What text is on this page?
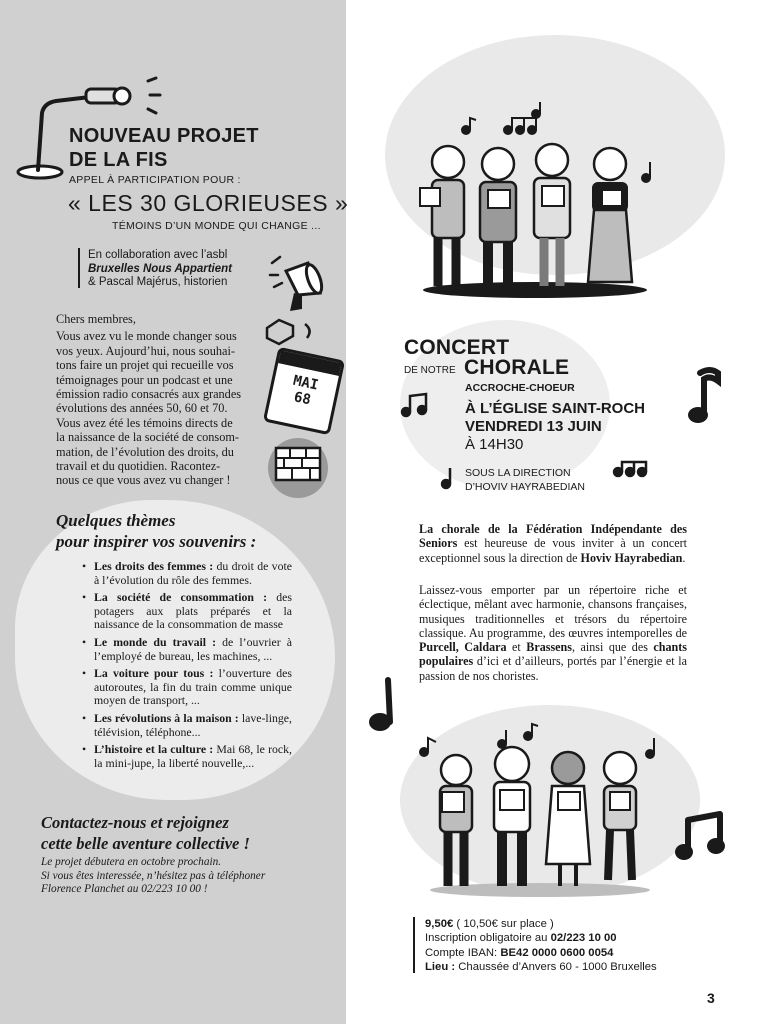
NOUVEAU PROJET
DE LA FIS
APPEL À PARTICIPATION POUR :
« LES 30 GLORIEUSES »
TÉMOINS D’UN MONDE QUI CHANGE ...
En collaboration avec l’asbl
Bruxelles Nous Appartient
& Pascal Majérus, historien
MAI 68
Chers membres,
Vous avez vu le monde changer sous
vos yeux. Aujourd’hui, nous souhai-
tons faire un projet qui recueille vos
témoignages pour un podcast et une
émission radio consacrés aux grandes
évolutions des années 50, 60 et 70.
Vous avez été les témoins directs de
la naissance de la société de consom-
mation, de l’évolution des droits, du
travail et du quotidien. Racontez-
nous ce que vous avez vu changer !
Quelques thèmes
pour inspirer vos souvenirs :
• Les droits des femmes : du droit de vote à l’évolution du rôle des femmes.
• La société de consommation : des potagers aux plats préparés et la naissance de la consommation de masse
• Le monde du travail : de l’ouvrier à l’employé de bureau, les machines, ...
• La voiture pour tous : l’ouverture des autoroutes, la fin du train comme unique moyen de transport, ...
• Les révolutions à la maison : lave-linge, télévision, téléphone...
• L’histoire et la culture : Mai 68, le rock, la mini-jupe, la liberté nouvelle,...
Contactez-nous et rejoignez
cette belle aventure collective !
Le projet débutera en octobre prochain.
Si vous êtes interessée, n’hésitez pas à téléphoner
Florence Planchet au 02/223 10 00 !
CONCERT
DE NOTRE CHORALE
ACCROCHE-CHOEUR
À L’ÉGLISE SAINT-ROCH
VENDREDI 13 JUIN
À 14H30
SOUS LA DIRECTION
D’HOVIV HAYRABEDIAN
La chorale de la Fédération Indépendante des Seniors est heureuse de vous inviter à un concert exceptionnel sous la direction de Hoviv Hayrabedian.
Laissez-vous emporter par un répertoire riche et éclectique, mêlant avec harmonie, chansons françaises, musiques traditionnelles et trésors du répertoire classique. Au programme, des œuvres intemporelles de Purcell, Caldara et Brassens, ainsi que des chants populaires d’ici et d’ailleurs, portés par l’énergie et la passion de nos choristes.
9,50€ ( 10,50€ sur place )
Inscription obligatoire au 02/223 10 00
Compte IBAN: BE42 0000 0600 0054
Lieu : Chaussée d’Anvers 60 - 1000 Bruxelles
3
